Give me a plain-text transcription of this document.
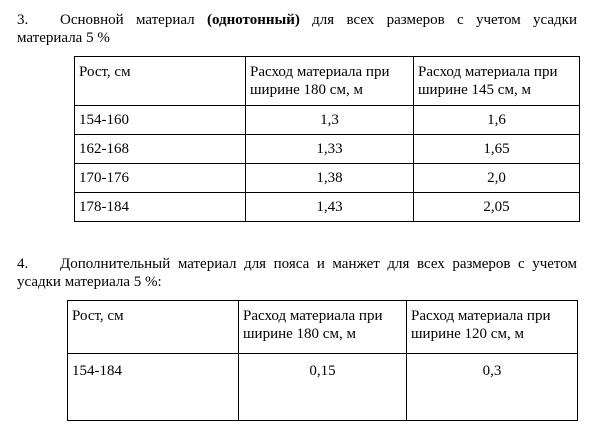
3. Основной материал (однотонный) для всех размеров с учетом усадки материала 5 %
Рост, см	Расход материала при ширине 180 см, м	Расход материала при ширине 145 см, м
154-160	1,3	1,6
162-168	1,33	1,65
170-176	1,38	2,0
178-184	1,43	2,05
4. Дополнительный материал для пояса и манжет для всех размеров с учетом усадки материала 5 %:
Рост, см	Расход материала при ширине 180 см, м	Расход материала при ширине 120 см, м
154-184	0,15	0,3
